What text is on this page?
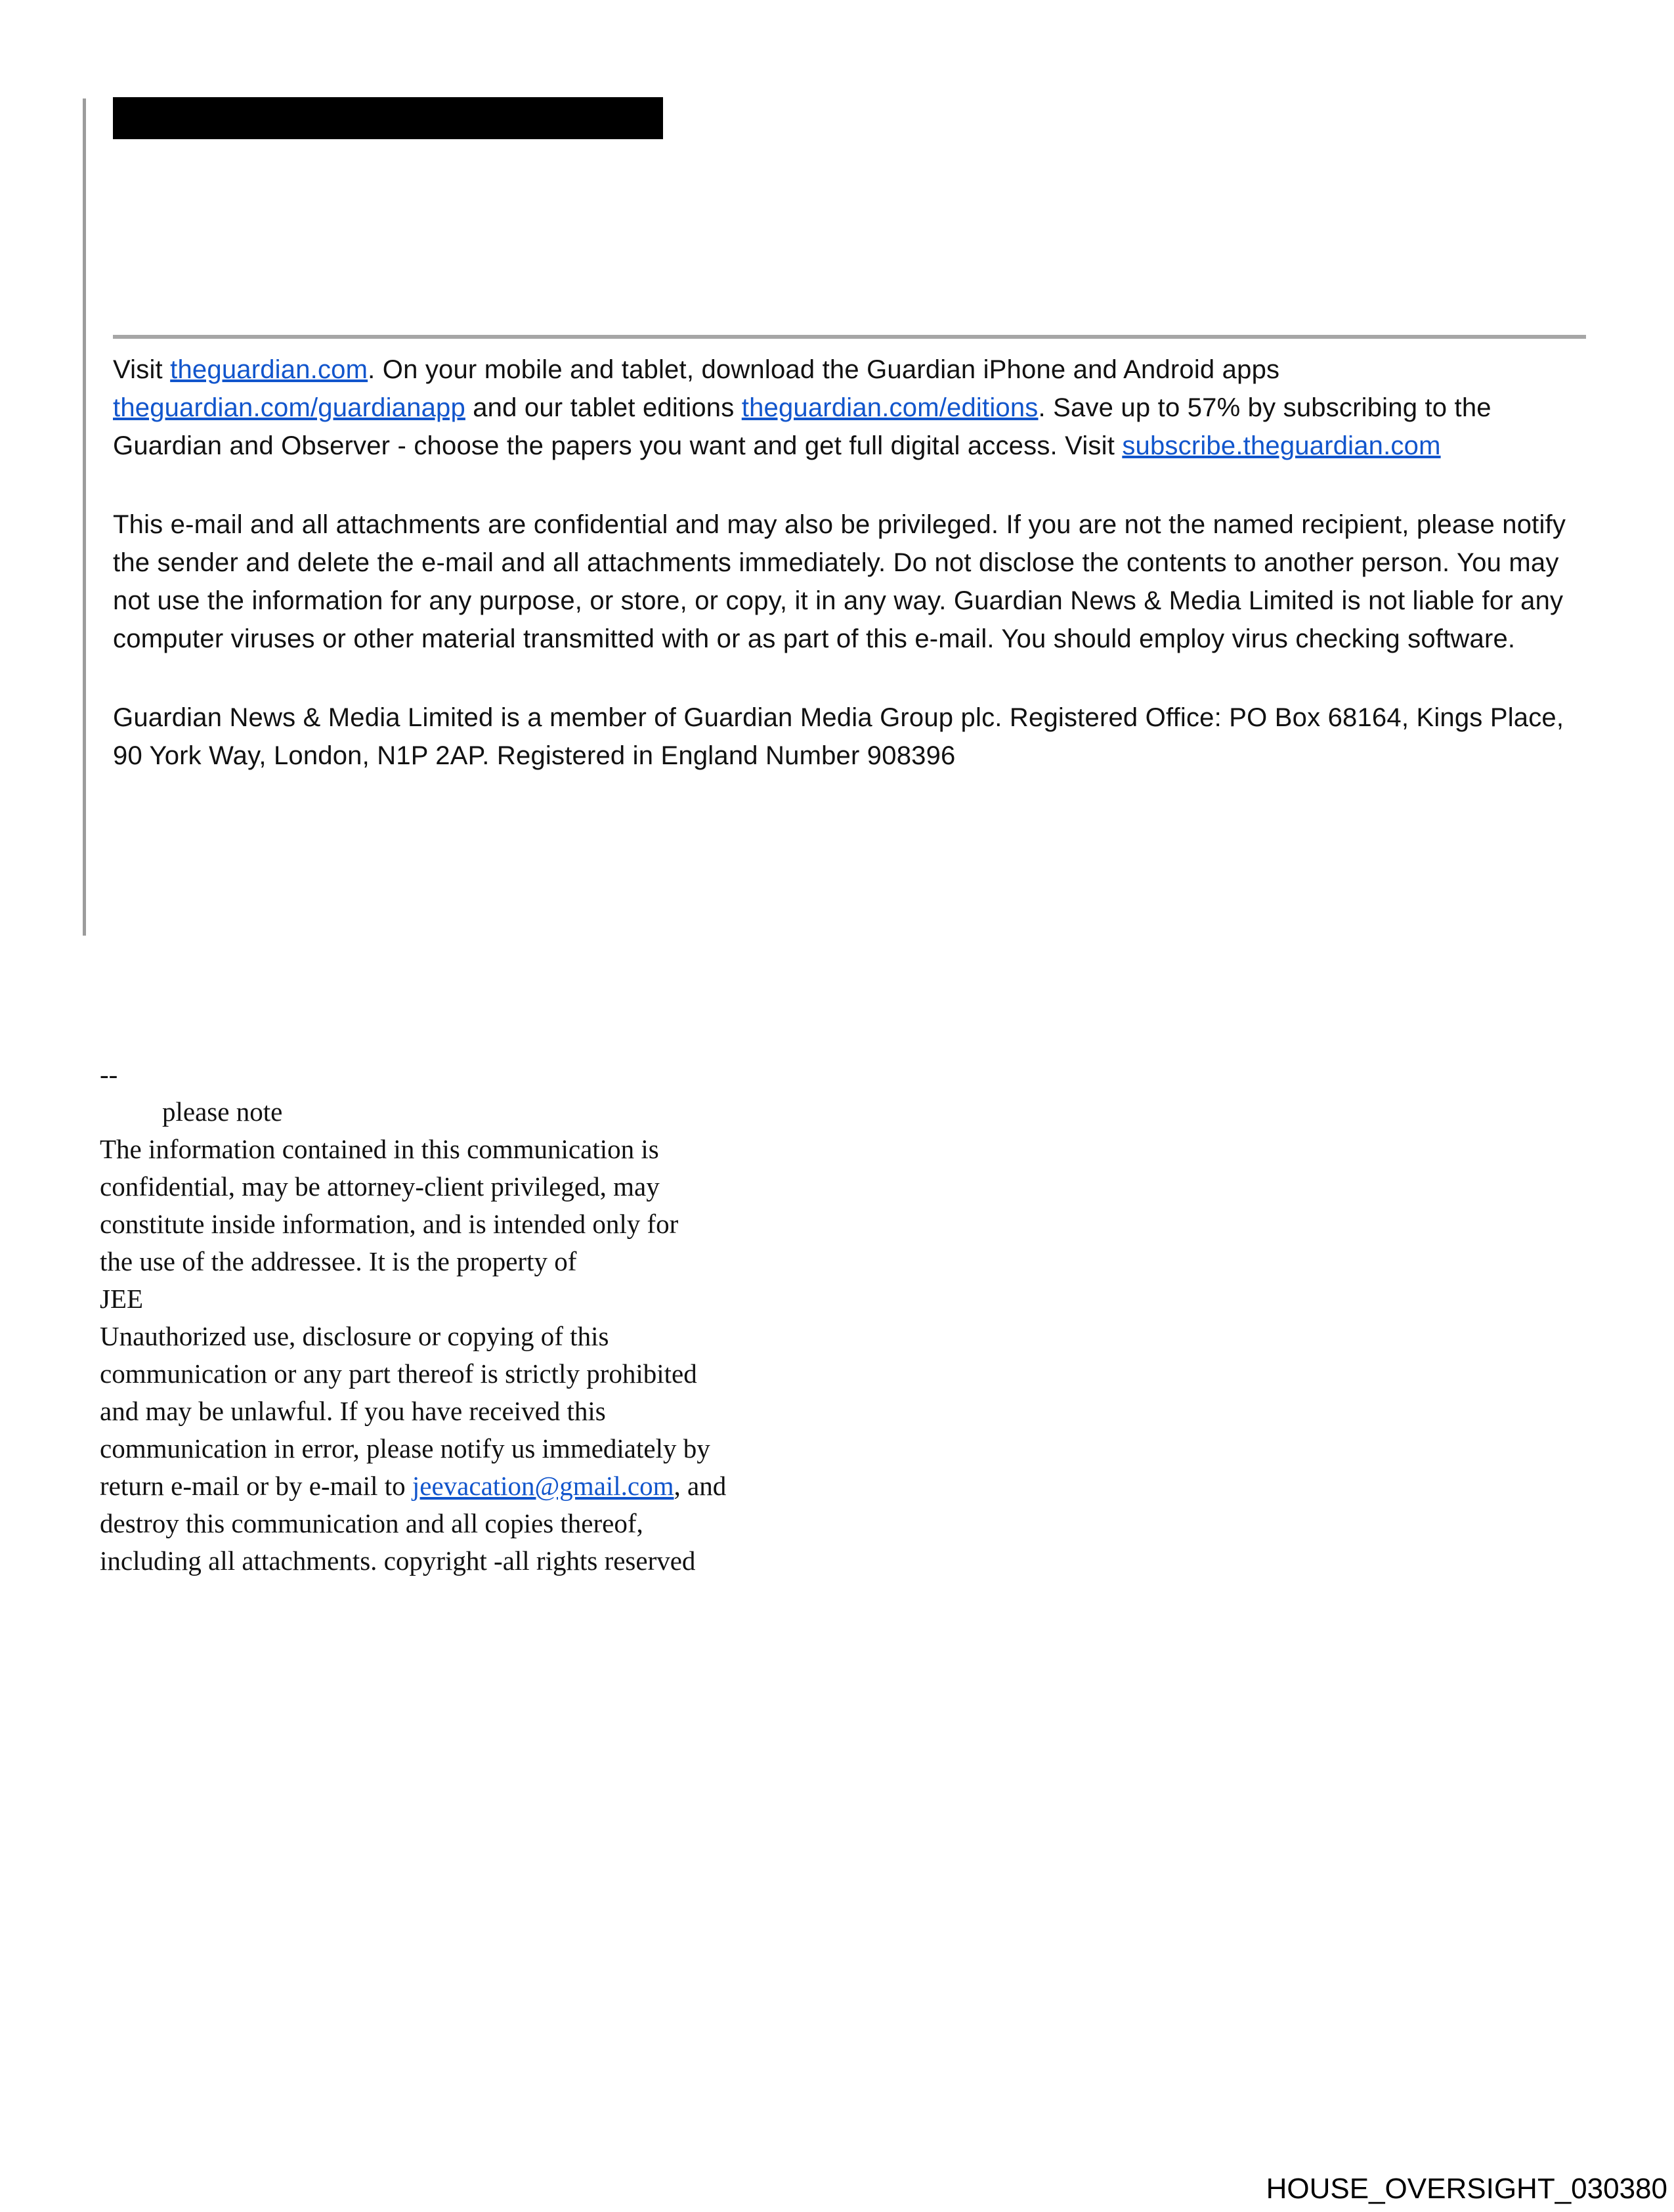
Visit theguardian.com. On your mobile and tablet, download the Guardian iPhone and Android apps theguardian.com/guardianapp and our tablet editions theguardian.com/editions. Save up to 57% by subscribing to the Guardian and Observer - choose the papers you want and get full digital access. Visit subscribe.theguardian.com

This e-mail and all attachments are confidential and may also be privileged. If you are not the named recipient, please notify the sender and delete the e-mail and all attachments immediately. Do not disclose the contents to another person. You may not use the information for any purpose, or store, or copy, it in any way. Guardian News & Media Limited is not liable for any computer viruses or other material transmitted with or as part of this e-mail. You should employ virus checking software.

Guardian News & Media Limited is a member of Guardian Media Group plc. Registered Office: PO Box 68164, Kings Place, 90 York Way, London, N1P 2AP. Registered in England Number 908396

--
please note
The information contained in this communication is
confidential, may be attorney-client privileged, may
constitute inside information, and is intended only for
the use of the addressee. It is the property of
JEE
Unauthorized use, disclosure or copying of this
communication or any part thereof is strictly prohibited
and may be unlawful. If you have received this
communication in error, please notify us immediately by
return e-mail or by e-mail to jeevacation@gmail.com, and
destroy this communication and all copies thereof,
including all attachments. copyright -all rights reserved
HOUSE_OVERSIGHT_030380
